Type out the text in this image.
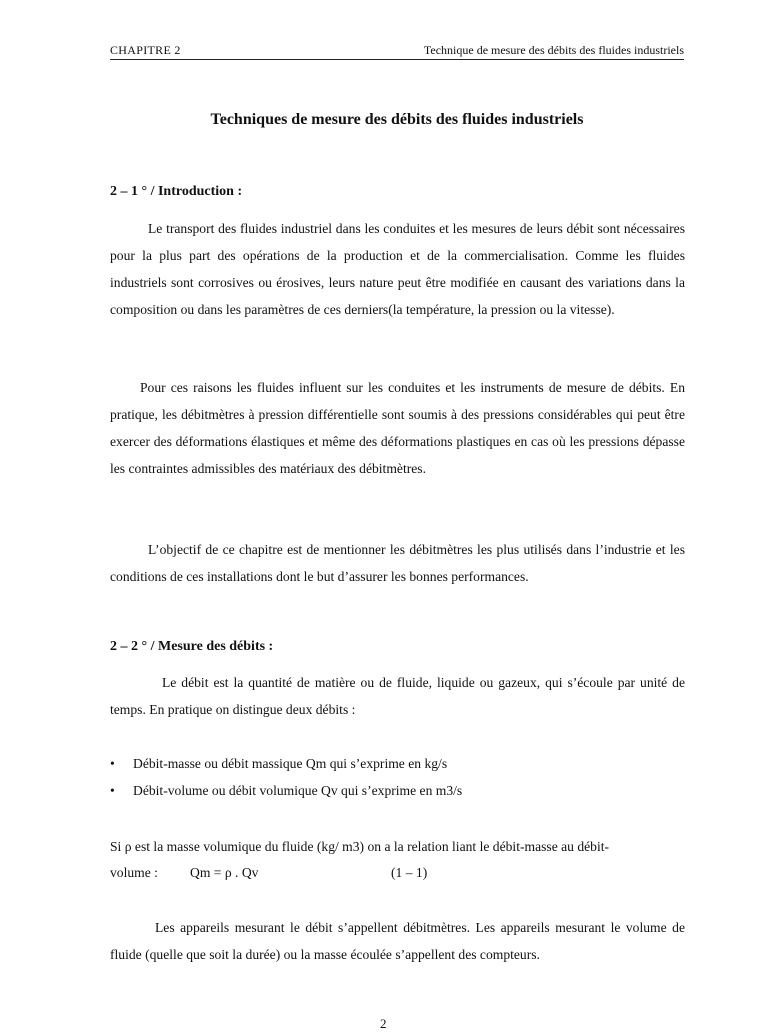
CHAPITRE 2	Technique de mesure des débits des fluides industriels
Techniques de mesure des débits des fluides industriels
2 – 1 ° / Introduction :
Le transport des fluides industriel dans les conduites et les mesures de leurs débit sont nécessaires pour la plus part des opérations de la production et de la commercialisation. Comme les fluides industriels sont corrosives ou érosives, leurs nature peut être modifiée en causant des variations dans la composition ou dans les paramètres de ces derniers(la température, la pression ou la vitesse).
Pour ces raisons les fluides influent sur les conduites et les instruments de mesure de débits. En pratique, les débitmètres à pression différentielle sont soumis à des pressions considérables qui peut être exercer des déformations élastiques et même des déformations plastiques en cas où les pressions dépasse les contraintes admissibles des matériaux des débitmètres.
L’objectif de ce chapitre est de mentionner les débitmètres les plus utilisés dans l’industrie et les conditions de ces installations dont le but d’assurer les bonnes performances.
2 – 2 ° / Mesure des débits :
Le débit est la quantité de matière ou de fluide, liquide ou gazeux, qui s’écoule par unité de temps. En pratique on distingue deux débits :
• Débit-masse ou débit massique Qm qui s’exprime en kg/s
• Débit-volume ou débit volumique Qv qui s’exprime en m3/s
Si ρ est la masse volumique du fluide (kg/ m3) on a la relation liant le débit-masse au débit-
volume : Qm = ρ . Qv	(1 – 1)
Les appareils mesurant le débit s’appellent débitmètres. Les appareils mesurant le volume de fluide (quelle que soit la durée) ou la masse écoulée s’appellent des compteurs.
2
